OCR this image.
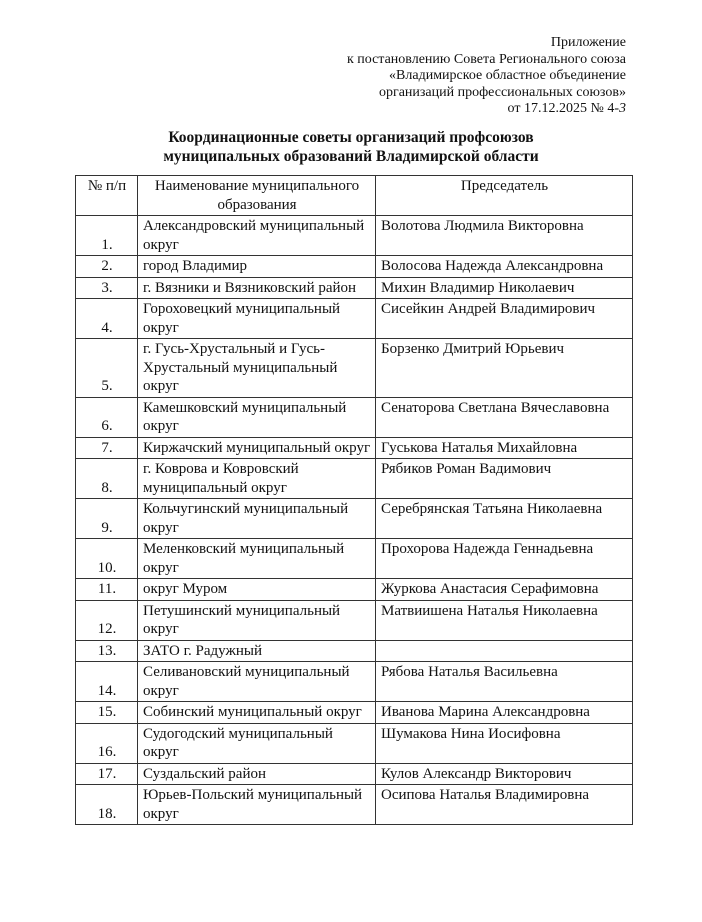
Приложение
к постановлению Совета Регионального союза
«Владимирское областное объединение
организаций профессиональных союзов»
от 17.12.2025 № 4-3
Координационные советы организаций профсоюзов
муниципальных образований Владимирской области
№ п/п	Наименование муниципального образования	Председатель
1.	Александровский муниципальный округ	Волотова Людмила Викторовна
2.	город Владимир	Волосова Надежда Александровна
3.	г. Вязники и Вязниковский район	Михин Владимир Николаевич
4.	Гороховецкий муниципальный округ	Сисейкин Андрей Владимирович
5.	г. Гусь-Хрустальный и Гусь-Хрустальный муниципальный округ	Борзенко Дмитрий Юрьевич
6.	Камешковский муниципальный округ	Сенаторова Светлана Вячеславовна
7.	Киржачский муниципальный округ	Гуськова Наталья Михайловна
8.	г. Коврова и Ковровский муниципальный округ	Рябиков Роман Вадимович
9.	Кольчугинский муниципальный округ	Серебрянская Татьяна Николаевна
10.	Меленковский муниципальный округ	Прохорова Надежда Геннадьевна
11.	округ Муром	Журкова Анастасия Серафимовна
12.	Петушинский муниципальный округ	Матвиишена Наталья Николаевна
13.	ЗАТО г. Радужный	
14.	Селивановский муниципальный округ	Рябова Наталья Васильевна
15.	Собинский муниципальный округ	Иванова Марина Александровна
16.	Судогодский муниципальный округ	Шумакова Нина Иосифовна
17.	Суздальский район	Кулов Александр Викторович
18.	Юрьев-Польский муниципальный округ	Осипова Наталья Владимировна
